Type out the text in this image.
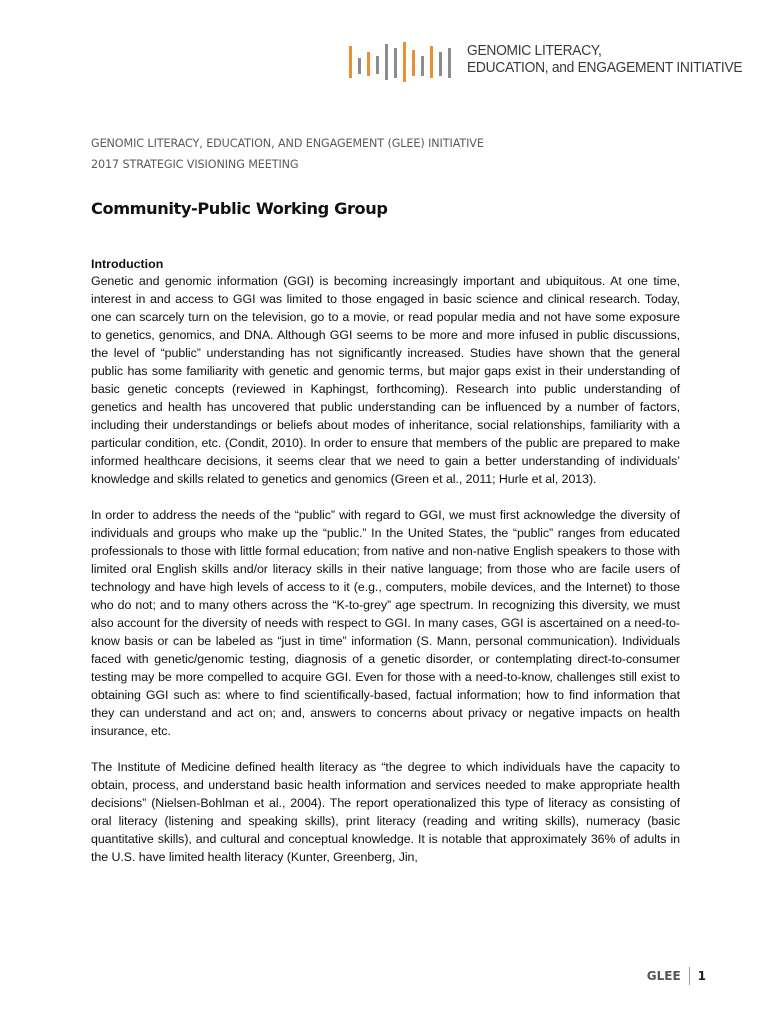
GENOMIC LITERACY,
EDUCATION, and ENGAGEMENT INITIATIVE
GENOMIC LITERACY, EDUCATION, AND ENGAGEMENT (GLEE) INITIATIVE
2017 STRATEGIC VISIONING MEETING
Community-Public Working Group
Introduction

Genetic and genomic information (GGI) is becoming increasingly important and ubiquitous. At one time, interest in and access to GGI was limited to those engaged in basic science and clinical research. Today, one can scarcely turn on the television, go to a movie, or read popular media and not have some exposure to genetics, genomics, and DNA. Although GGI seems to be more and more infused in public discussions, the level of “public” understanding has not significantly increased. Studies have shown that the general public has some familiarity with genetic and genomic terms, but major gaps exist in their understanding of basic genetic concepts (reviewed in Kaphingst, forthcoming). Research into public understanding of genetics and health has uncovered that public understanding can be influenced by a number of factors, including their understandings or beliefs about modes of inheritance, social relationships, familiarity with a particular condition, etc. (Condit, 2010). In order to ensure that members of the public are prepared to make informed healthcare decisions, it seems clear that we need to gain a better understanding of individuals’ knowledge and skills related to genetics and genomics (Green et al., 2011; Hurle et al, 2013).

In order to address the needs of the “public” with regard to GGI, we must first acknowledge the diversity of individuals and groups who make up the “public.” In the United States, the “public” ranges from educated professionals to those with little formal education; from native and non-native English speakers to those with limited oral English skills and/or literacy skills in their native language; from those who are facile users of technology and have high levels of access to it (e.g., computers, mobile devices, and the Internet) to those who do not; and to many others across the “K-to-grey” age spectrum. In recognizing this diversity, we must also account for the diversity of needs with respect to GGI. In many cases, GGI is ascertained on a need-to-know basis or can be labeled as “just in time” information (S. Mann, personal communication). Individuals faced with genetic/genomic testing, diagnosis of a genetic disorder, or contemplating direct-to-consumer testing may be more compelled to acquire GGI. Even for those with a need-to-know, challenges still exist to obtaining GGI such as: where to find scientifically-based, factual information; how to find information that they can understand and act on; and, answers to concerns about privacy or negative impacts on health insurance, etc.

The Institute of Medicine defined health literacy as “the degree to which individuals have the capacity to obtain, process, and understand basic health information and services needed to make appropriate health decisions” (Nielsen-Bohlman et al., 2004). The report operationalized this type of literacy as consisting of oral literacy (listening and speaking skills), print literacy (reading and writing skills), numeracy (basic quantitative skills), and cultural and conceptual knowledge. It is notable that approximately 36% of adults in the U.S. have limited health literacy (Kunter, Greenberg, Jin,

GLEE 1
